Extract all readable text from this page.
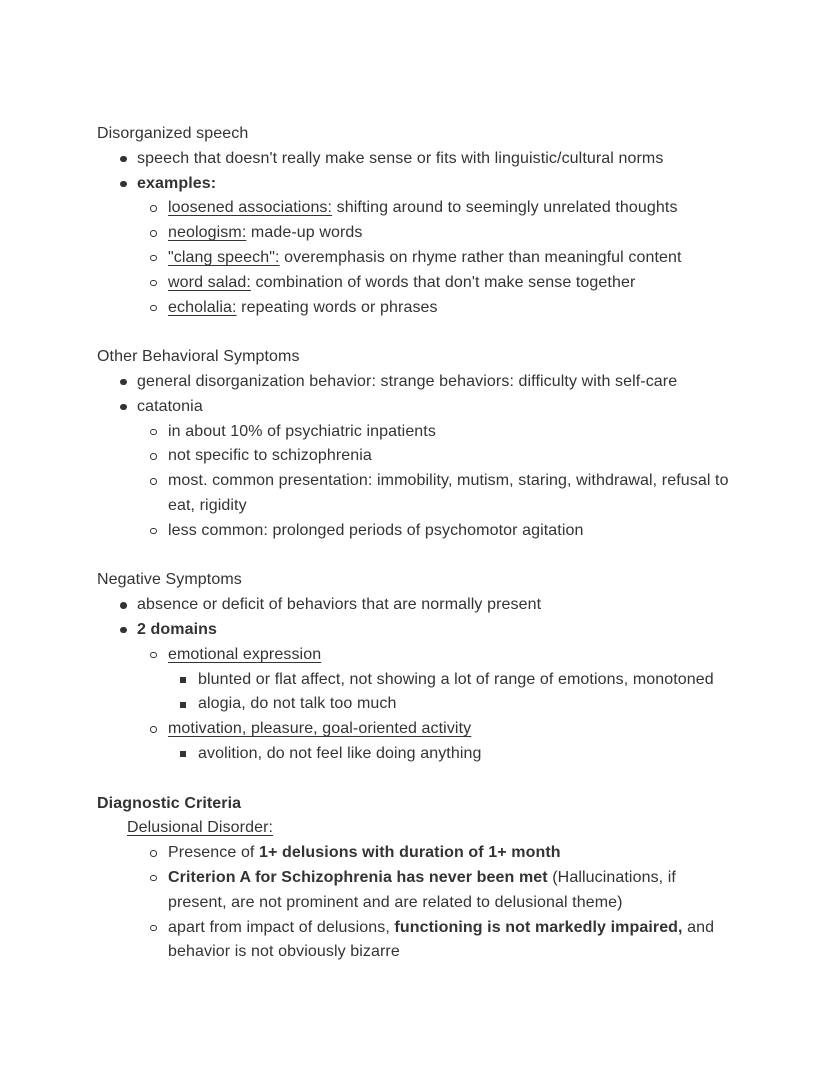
Disorganized speech
speech that doesn't really make sense or fits with linguistic/cultural norms
examples:
loosened associations: shifting around to seemingly unrelated thoughts
neologism: made-up words
"clang speech": overemphasis on rhyme rather than meaningful content
word salad: combination of words that don't make sense together
echolalia: repeating words or phrases
Other Behavioral Symptoms
general disorganization behavior: strange behaviors: difficulty with self-care
catatonia
in about 10% of psychiatric inpatients
not specific to schizophrenia
most. common presentation: immobility, mutism, staring, withdrawal, refusal to eat, rigidity
less common: prolonged periods of psychomotor agitation
Negative Symptoms
absence or deficit of behaviors that are normally present
2 domains
emotional expression
blunted or flat affect, not showing a lot of range of emotions, monotoned
alogia, do not talk too much
motivation, pleasure, goal-oriented activity
avolition, do not feel like doing anything
Diagnostic Criteria
Delusional Disorder:
Presence of 1+ delusions with duration of 1+ month
Criterion A for Schizophrenia has never been met (Hallucinations, if present, are not prominent and are related to delusional theme)
apart from impact of delusions, functioning is not markedly impaired, and behavior is not obviously bizarre
